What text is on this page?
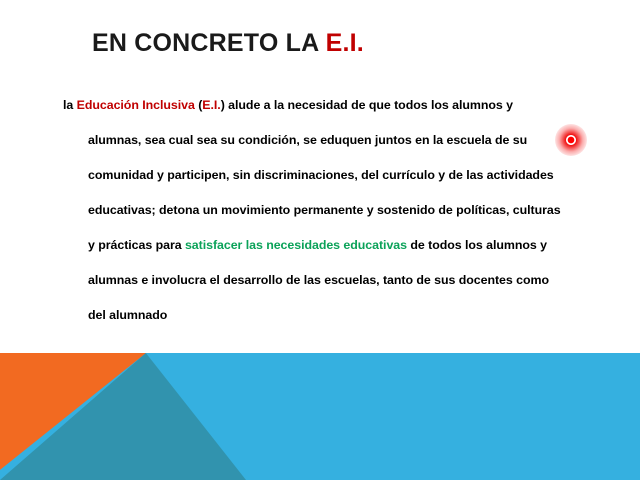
EN CONCRETO LA E.I.
la Educación Inclusiva (E.I.) alude a la necesidad de que todos los alumnos y
alumnas, sea cual sea su condición, se eduquen juntos en la escuela de su
comunidad y participen, sin discriminaciones, del currículo y de las actividades
educativas; detona un movimiento permanente y sostenido de políticas, culturas
y prácticas para satisfacer las necesidades educativas de todos los alumnos y
alumnas e involucra el desarrollo de las escuelas, tanto de sus docentes como
del alumnado
